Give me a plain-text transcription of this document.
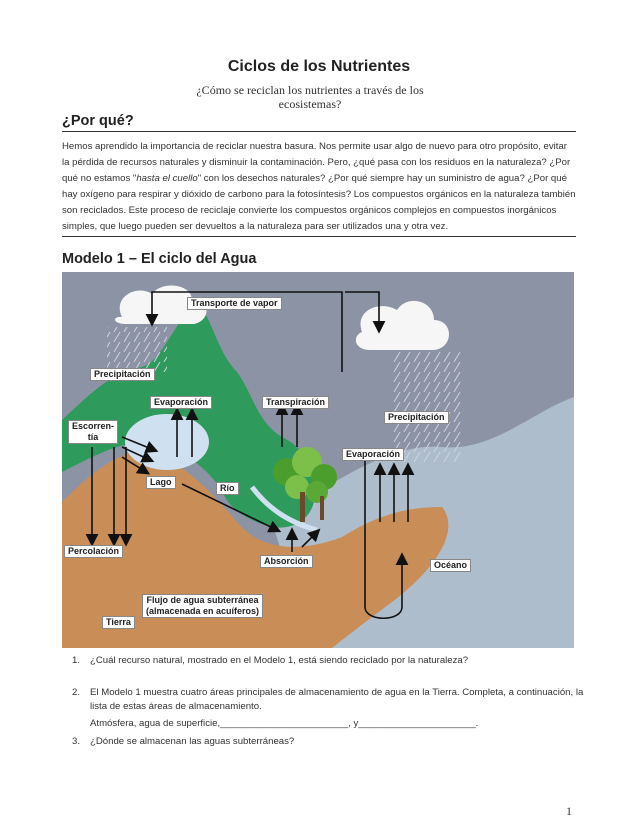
Ciclos de los Nutrientes
¿Cómo se reciclan los nutrientes a través de los ecosistemas?
¿Por qué?
Hemos aprendido la importancia de reciclar nuestra basura. Nos permite usar algo de nuevo para otro propósito, evitar la pérdida de recursos naturales y disminuir la contaminación. Pero, ¿qué pasa con los residuos en la naturaleza? ¿Por qué no estamos "hasta el cuello" con los desechos naturales? ¿Por qué siempre hay un suministro de agua? ¿Por qué hay oxígeno para respirar y dióxido de carbono para la fotosíntesis? Los compuestos orgánicos en la naturaleza también son reciclados. Este proceso de reciclaje convierte los compuestos orgánicos complejos en compuestos inorgánicos simples, que luego pueden ser devueltos a la naturaleza para ser utilizados una y otra vez.
Modelo 1 – El ciclo del Agua
Transporte de vapor
Precipitación
Evaporación	Transpiración
Precipitación
Escorren-
tía
Evaporación
Lago
Río
Percolación
Absorción	Océano
Flujo de agua subterránea
(almacenada en acuíferos)
Tierra
1. ¿Cuál recurso natural, mostrado en el Modelo 1, está siendo reciclado por la naturaleza?
2. El Modelo 1 muestra cuatro áreas principales de almacenamiento de agua en la Tierra. Completa, a continuación, la lista de estas áreas de almacenamiento.
Atmósfera, agua de superficie,________________________, y______________________.
3. ¿Dónde se almacenan las aguas subterráneas?
1
